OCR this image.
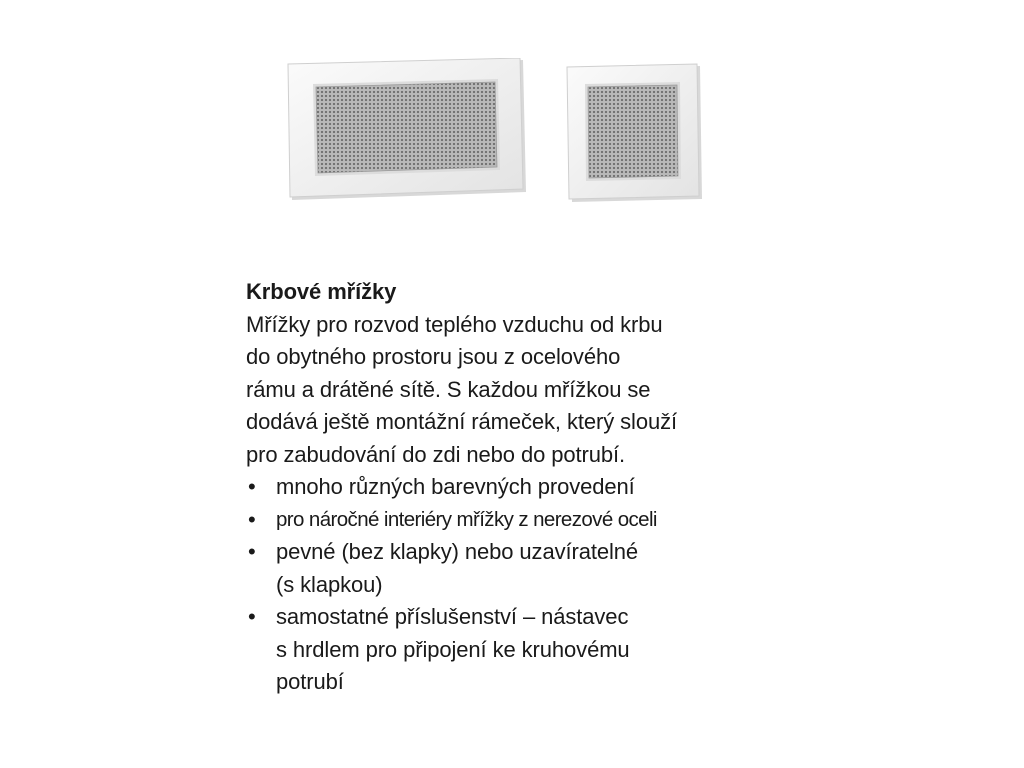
Krbové mřížky

Mřížky pro rozvod teplého vzduchu od krbu

do obytného prostoru jsou z ocelového

rámu a drátěné sítě. S každou mřížkou se

dodává ještě montážní rámeček, který slouží

pro zabudování do zdi nebo do potrubí.

• mnoho různých barevných provedení
• pro náročné interiéry mřížky z nerezové oceli
• pevné (bez klapky) nebo uzavíratelné
(s klapkou)
• samostatné příslušenství – nástavec
s hrdlem pro připojení ke kruhovému
potrubí
